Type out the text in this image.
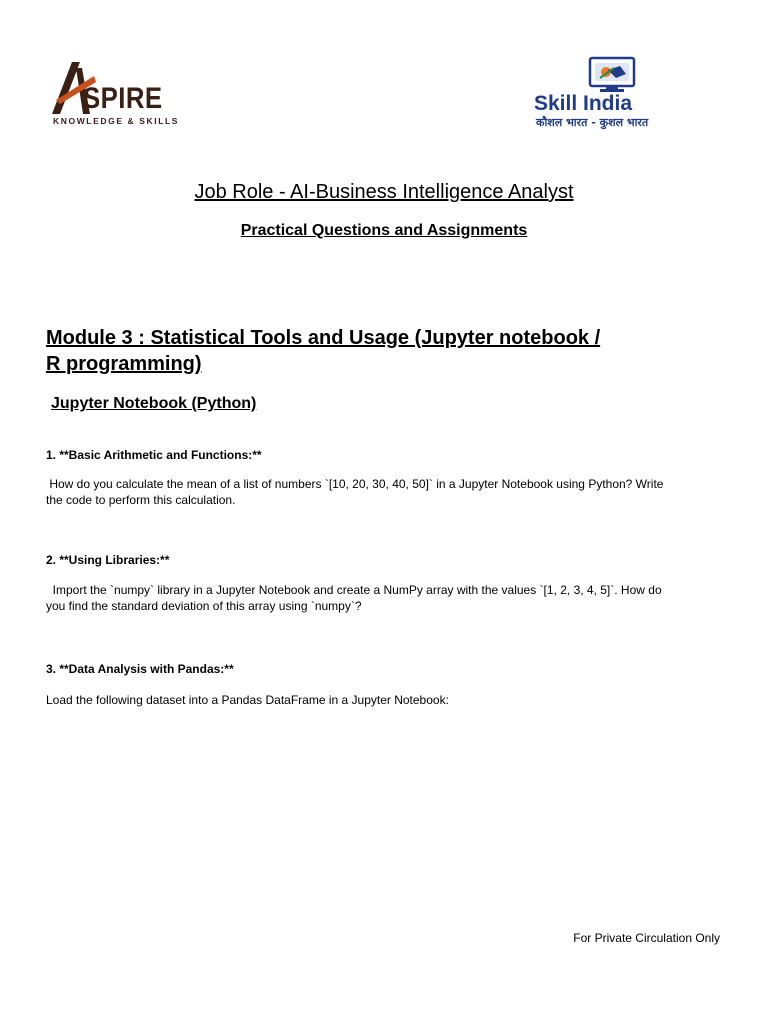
SPIRE
KNOWLEDGE & SKILLS
Skill India
कौशल भारत - कुशल भारत
Job Role - AI-Business Intelligence Analyst
Practical Questions and Assignments
Module 3 : Statistical Tools and Usage (Jupyter notebook /
R programming)
Jupyter Notebook (Python)
1. **Basic Arithmetic and Functions:**
How do you calculate the mean of a list of numbers `[10, 20, 30, 40, 50]` in a Jupyter Notebook using Python? Write
the code to perform this calculation.
2. **Using Libraries:**
Import the `numpy` library in a Jupyter Notebook and create a NumPy array with the values `[1, 2, 3, 4, 5]`. How do
you find the standard deviation of this array using `numpy`?
3. **Data Analysis with Pandas:**
Load the following dataset into a Pandas DataFrame in a Jupyter Notebook:
For Private Circulation Only
